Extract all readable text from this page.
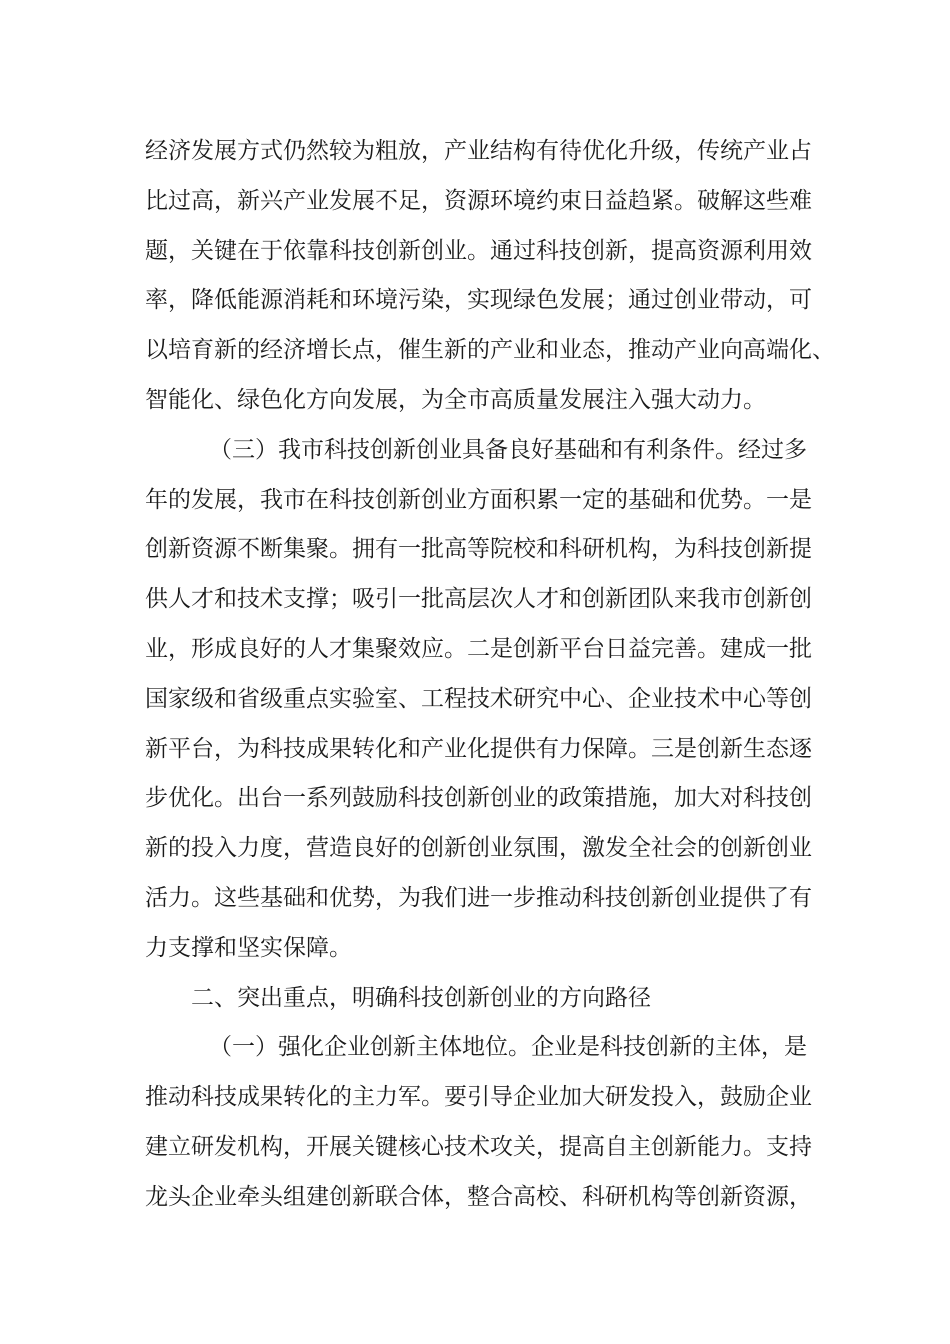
经济发展方式仍然较为粗放，产业结构有待优化升级，传统产业占
比过高，新兴产业发展不足，资源环境约束日益趋紧。破解这些难
题，关键在于依靠科技创新创业。通过科技创新，提高资源利用效
率，降低能源消耗和环境污染，实现绿色发展；通过创业带动，可
以培育新的经济增长点，催生新的产业和业态，推动产业向高端化、
智能化、绿色化方向发展，为全市高质量发展注入强大动力。
（三）我市科技创新创业具备良好基础和有利条件。经过多
年的发展，我市在科技创新创业方面积累一定的基础和优势。一是
创新资源不断集聚。拥有一批高等院校和科研机构，为科技创新提
供人才和技术支撑；吸引一批高层次人才和创新团队来我市创新创
业，形成良好的人才集聚效应。二是创新平台日益完善。建成一批
国家级和省级重点实验室、工程技术研究中心、企业技术中心等创
新平台，为科技成果转化和产业化提供有力保障。三是创新生态逐
步优化。出台一系列鼓励科技创新创业的政策措施，加大对科技创
新的投入力度，营造良好的创新创业氛围，激发全社会的创新创业
活力。这些基础和优势，为我们进一步推动科技创新创业提供了有
力支撑和坚实保障。
二、突出重点，明确科技创新创业的方向路径
（一）强化企业创新主体地位。企业是科技创新的主体，是
推动科技成果转化的主力军。要引导企业加大研发投入，鼓励企业
建立研发机构，开展关键核心技术攻关，提高自主创新能力。支持
龙头企业牵头组建创新联合体，整合高校、科研机构等创新资源，
